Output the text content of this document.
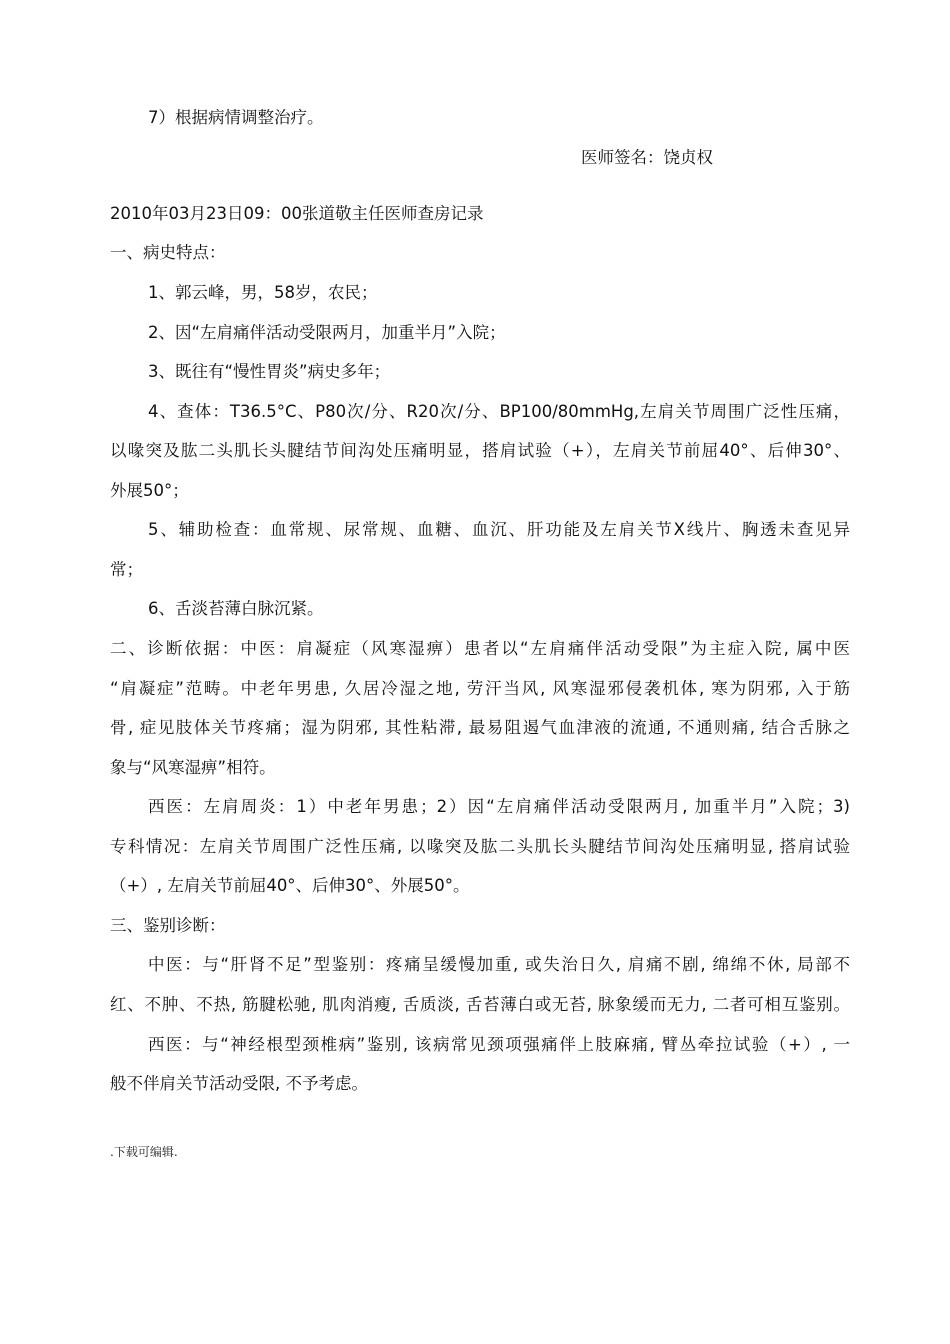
7）根据病情调整治疗。
医师签名：饶贞权
2010年03月23日09：00张道敬主任医师查房记录
一、病史特点：
1、郭云峰，男，58岁，农民；
2、因“左肩痛伴活动受限两月，加重半月”入院；
3、既往有“慢性胃炎”病史多年；
4、查体：T36.5°C、P80次/分、R20次/分、BP100/80mmHg,左肩关节周围广泛性压痛，
以喙突及肱二头肌长头腱结节间沟处压痛明显，搭肩试验（+），左肩关节前屈40°、后伸30°、
外展50°；
5、辅助检查：血常规、尿常规、血糖、血沉、肝功能及左肩关节X线片、胸透未查见异
常；
6、舌淡苔薄白脉沉紧。
二、诊断依据：中医：肩凝症（风寒湿痹）患者以“左肩痛伴活动受限”为主症入院, 属中医
“肩凝症”范畴。中老年男患, 久居冷湿之地, 劳汗当风, 风寒湿邪侵袭机体, 寒为阴邪, 入于筋
骨, 症见肢体关节疼痛；湿为阴邪, 其性粘滞, 最易阻遏气血津液的流通, 不通则痛, 结合舌脉之
象与“风寒湿痹”相符。
西医：左肩周炎：1）中老年男患；2）因“左肩痛伴活动受限两月, 加重半月”入院；3)
专科情况：左肩关节周围广泛性压痛, 以喙突及肱二头肌长头腱结节间沟处压痛明显, 搭肩试验
（+）, 左肩关节前屈40°、后伸30°、外展50°。
三、鉴别诊断：
中医：与“肝肾不足”型鉴别：疼痛呈缓慢加重, 或失治日久, 肩痛不剧, 绵绵不休, 局部不
红、不肿、不热, 筋腱松驰, 肌肉消瘦, 舌质淡, 舌苔薄白或无苔, 脉象缓而无力, 二者可相互鉴别。
西医：与“神经根型颈椎病”鉴别, 该病常见颈项强痛伴上肢麻痛, 臂丛牵拉试验（+）, 一
般不伴肩关节活动受限, 不予考虑。
.下载可编辑.
